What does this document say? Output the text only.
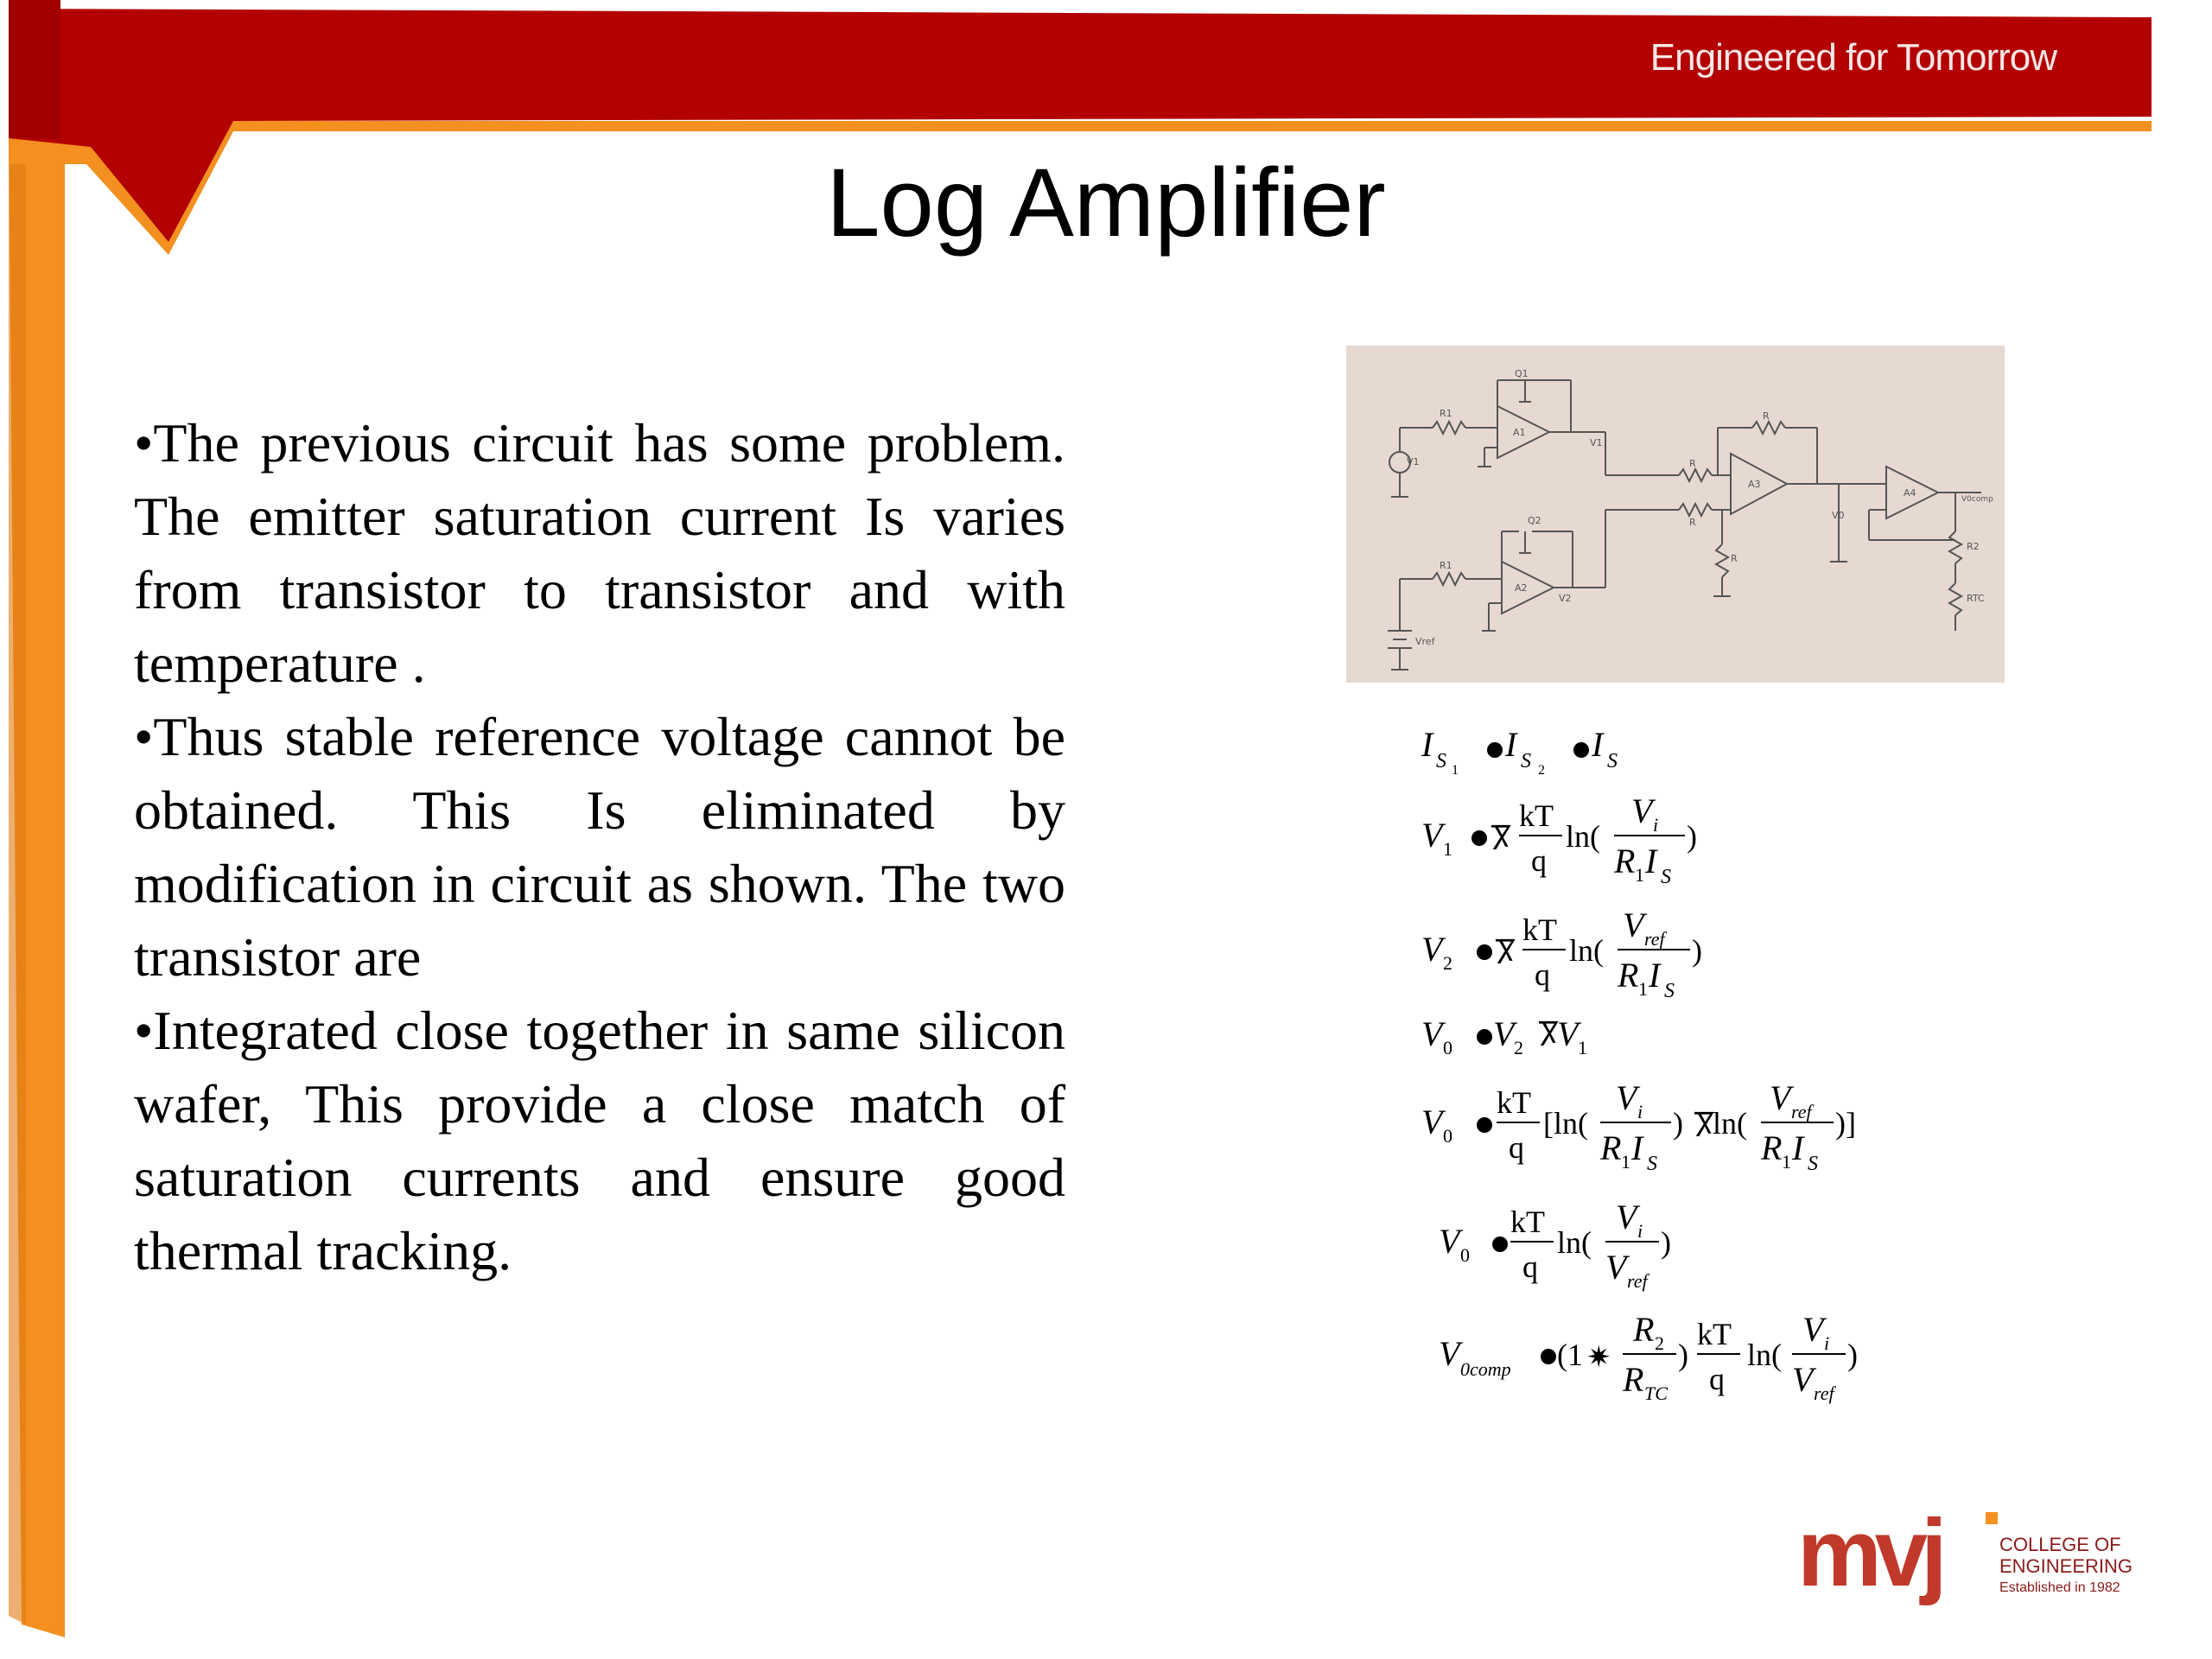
Engineered for Tomorrow
Log Amplifier

•The previous circuit has some problem. The emitter saturation current Is varies from transistor to transistor and with temperature .

•Thus stable reference voltage cannot be obtained. This Is eliminated by modification in circuit as shown. The two transistor are

•Integrated close together in same silicon wafer, This provide a close match of saturation currents and ensure good thermal tracking.

Q1
R1
V1
A1
V1
R
R
A3
V0
A4
V0comp
R2
RTC
R
Q2
R1
A2
V2
Vref
R
I S 1
I S 2
I S
V 1 Ⴟ
kT
q
ln(
V i
R 1 I S
)
V 2 Ⴟ
kT
q
ln(
V ref
R 1 I S
)
V 0 V 2 Ⴟ
V 1
V 0
kT
q
[ln(
V i
R 1 I S
) Ⴟ
ln(
V ref
R 1 I S
)]
V 0
kT
q
ln(
V i
V ref
)
V 0comp (1 ✷
R 2
R TC
)
kT
q
ln(
V i
V ref
)
mvj	COLLEGE OF
ENGINEERING
Established in 1982
